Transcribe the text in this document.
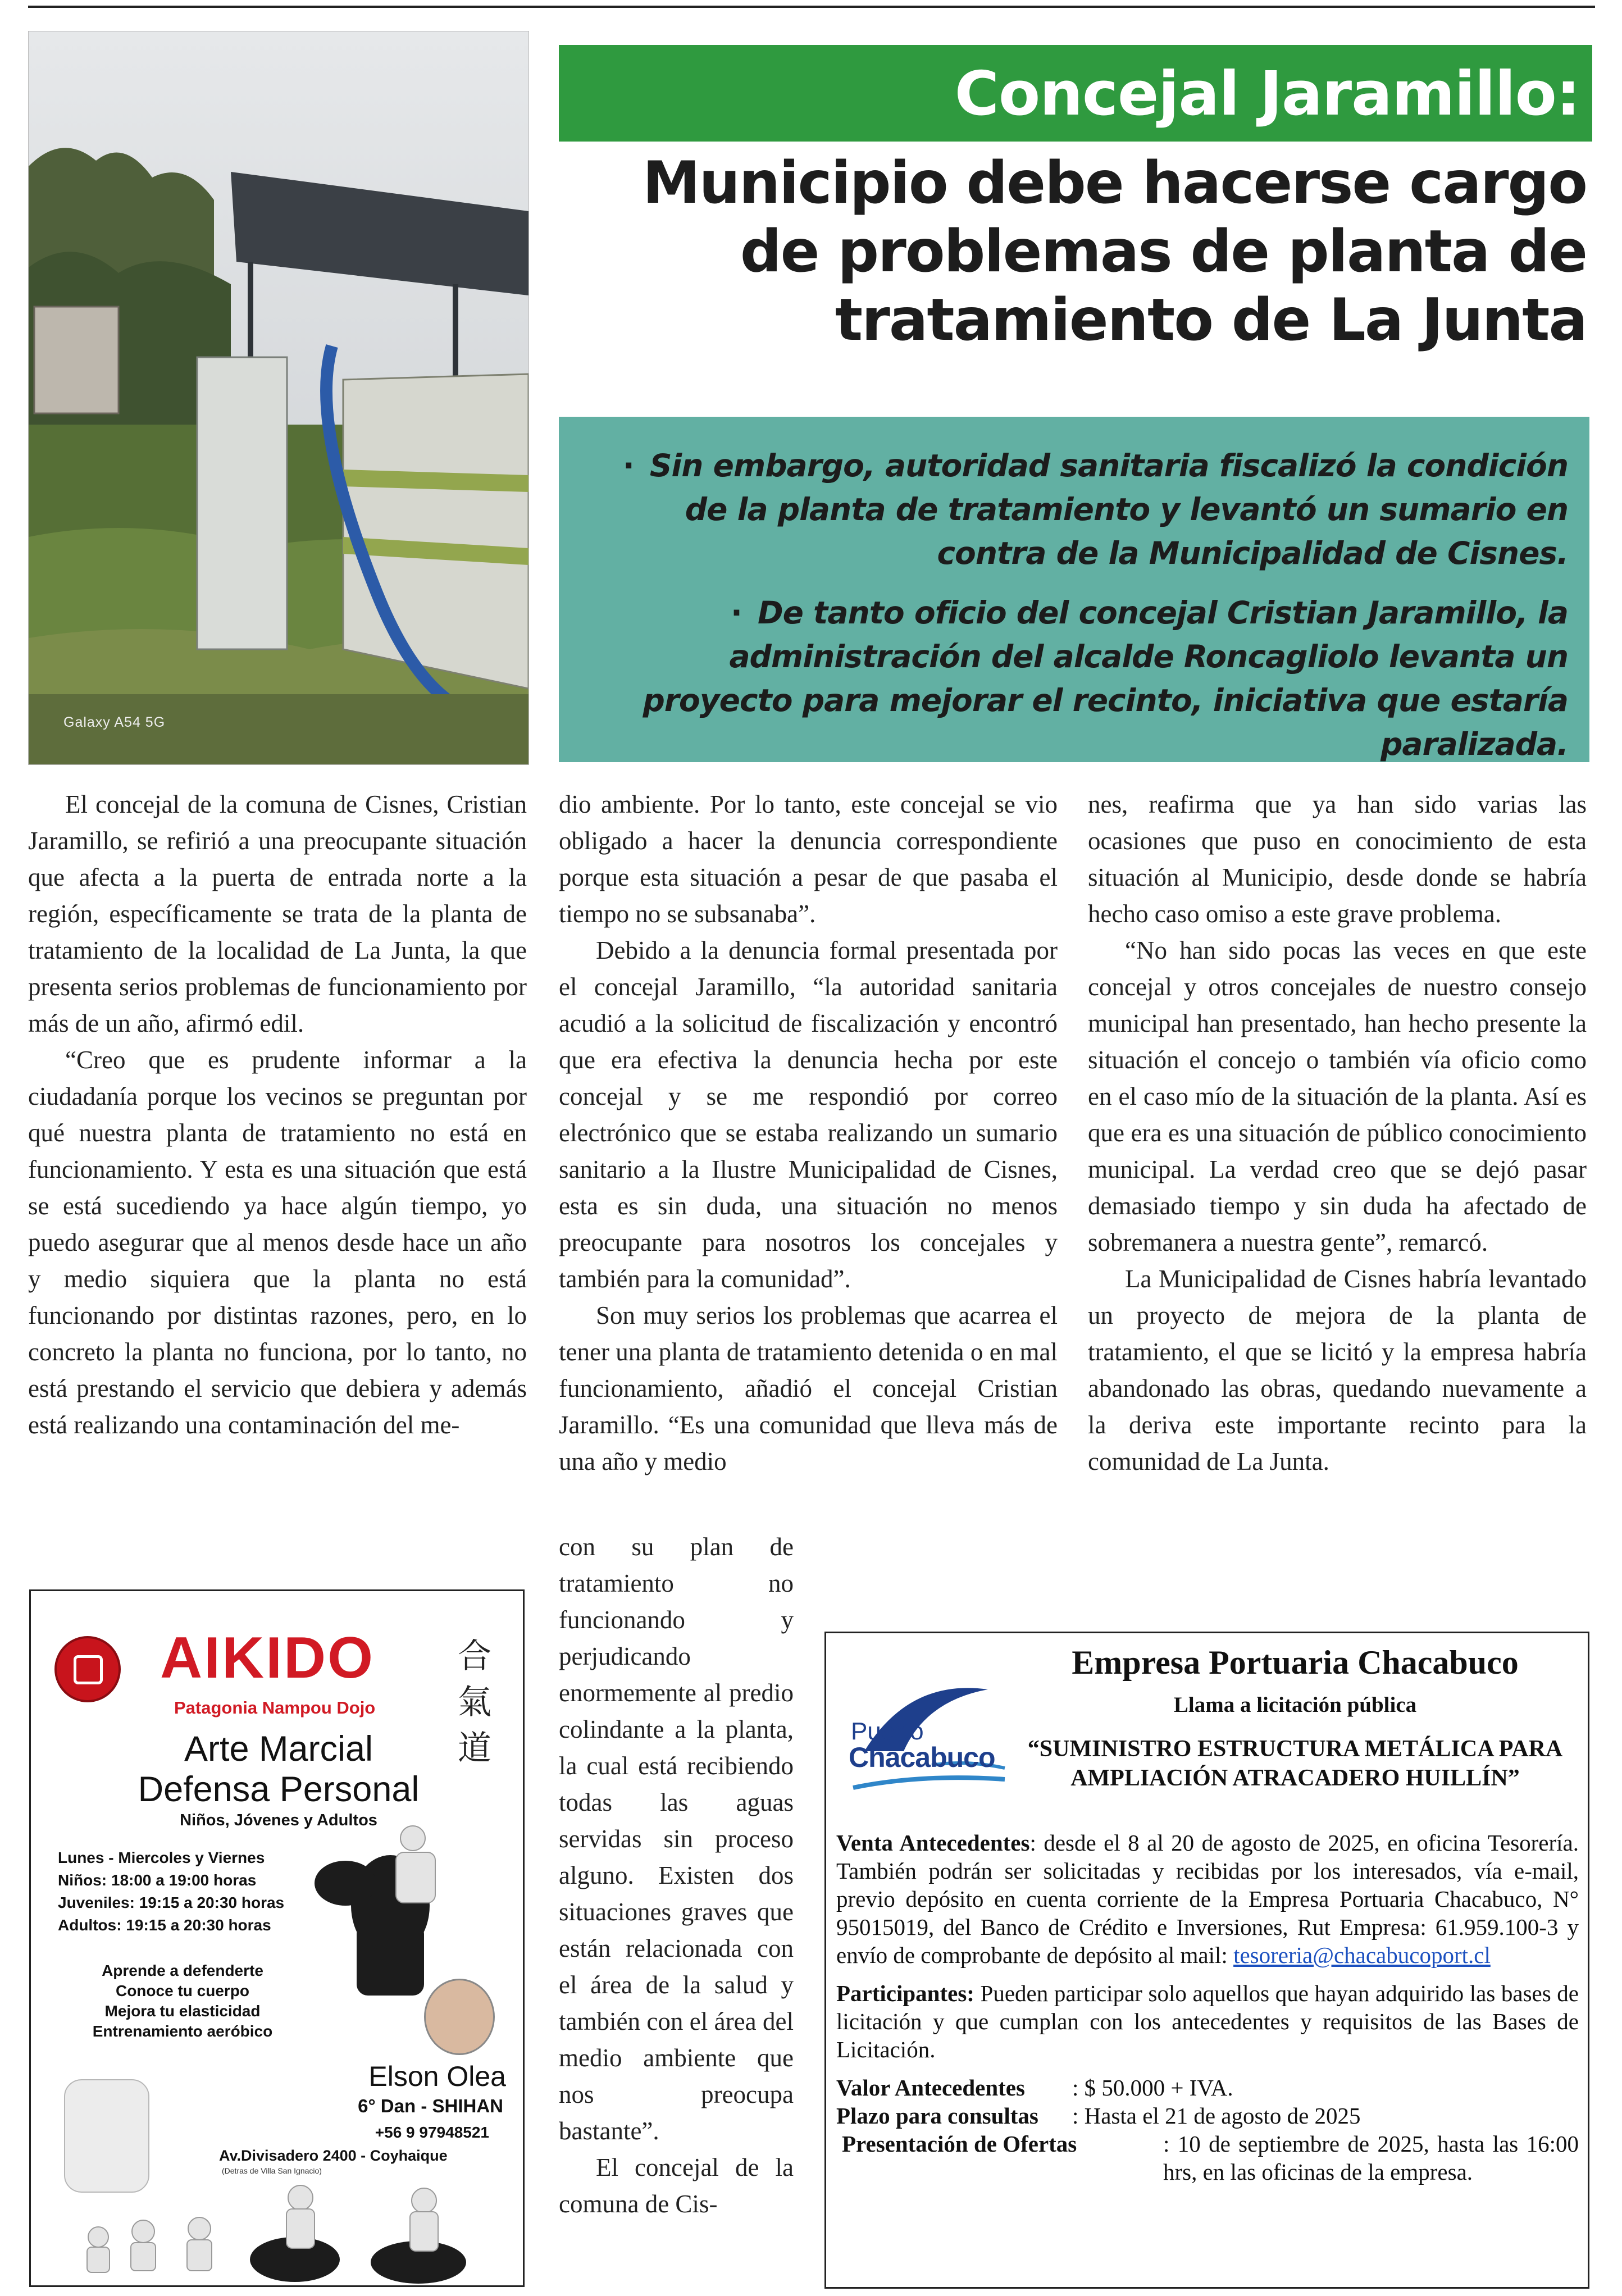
Galaxy A54 5G
Concejal Jaramillo:
Municipio debe hacerse cargo
de problemas de planta de
tratamiento de La Junta

· Sin embargo, autoridad sanitaria fiscalizó la condición de la planta de tratamiento y levantó un sumario en contra de la Municipalidad de Cisnes.

· De tanto oficio del concejal Cristian Jaramillo, la administración del alcalde Roncagliolo levanta un proyecto para mejorar el recinto, iniciativa que estaría paralizada.

El concejal de la comuna de Cisnes, Cristian Jaramillo, se refirió a una preocupante situación que afecta a la puerta de entrada norte a la región, específicamente se trata de la planta de tratamiento de la localidad de La Junta, la que presenta serios problemas de funcionamiento por más de un año, afirmó edil.

“Creo que es prudente informar a la ciudadanía porque los vecinos se preguntan por qué nuestra planta de tratamiento no está en funcionamiento. Y esta es una situación que está se está sucediendo ya hace algún tiempo, yo puedo asegurar que al menos desde hace un año y medio siquiera que la planta no está funcionando por distintas razones, pero, en lo concreto la planta no funciona, por lo tanto, no está prestando el servicio que debiera y además está realizando una contaminación del me-

dio ambiente. Por lo tanto, este concejal se vio obligado a hacer la denuncia correspondiente porque esta situación a pesar de que pasaba el tiempo no se subsanaba”.

Debido a la denuncia formal presentada por el concejal Jaramillo, “la autoridad sanitaria acudió a la solicitud de fiscalización y encontró que era efectiva la denuncia hecha por este concejal y se me respondió por correo electrónico que se estaba realizando un sumario sanitario a la Ilustre Municipalidad de Cisnes, esta es sin duda, una situación no menos preocupante para nosotros los concejales y también para la comunidad”.

Son muy serios los problemas que acarrea el tener una planta de tratamiento detenida o en mal funcionamiento, añadió el concejal Cristian Jaramillo. “Es una comunidad que lleva más de una año y medio

con su plan de tratamiento no funcionando y perjudicando enormemente al predio colindante a la planta, la cual está recibiendo todas las aguas servidas sin proceso alguno. Existen dos situaciones graves que están relacionada con el área de la salud y también con el área del medio ambiente que nos preocupa bastante”.

El concejal de la comuna de Cis-

nes, reafirma que ya han sido varias las ocasiones que puso en conocimiento de esta situación al Municipio, desde donde se habría hecho caso omiso a este grave problema.

“No han sido pocas las veces en que este concejal y otros concejales de nuestro consejo municipal han presentado, han hecho presente la situación el concejo o también vía oficio como en el caso mío de la situación de la planta. Así es que era es una situación de público conocimiento municipal. La verdad creo que se dejó pasar demasiado tiempo y sin duda ha afectado de sobremanera a nuestra gente”, remarcó.

La Municipalidad de Cisnes habría levantado un proyecto de mejora de la planta de tratamiento, el que se licitó y la empresa habría abandonado las obras, quedando nuevamente a la deriva este importante recinto para la comunidad de La Junta.

AIKIDO
Patagonia Nampou Dojo
合
氣
道
Arte Marcial
Defensa Personal
Niños, Jóvenes y Adultos
Lunes - Miercoles y Viernes
Niños: 18:00 a 19:00 horas
Juveniles: 19:15 a 20:30 horas
Adultos: 19:15 a 20:30 horas
Aprende a defenderte
Conoce tu cuerpo
Mejora tu elasticidad
Entrenamiento aeróbico
Elson Olea
6° Dan - SHIHAN
+56 9 97948521
Av.Divisadero 2400 - Coyhaique
(Detras de Villa San Ignacio)
Puerto
Chacabuco
Empresa Portuaria Chacabuco
Llama a licitación pública
“SUMINISTRO ESTRUCTURA METÁLICA PARA AMPLIACIÓN ATRACADERO HUILLÍN”

Venta Antecedentes: desde el 8 al 20 de agosto de 2025, en oficina Tesorería. También podrán ser solicitadas y recibidas por los interesados, vía e-mail, previo depósito en cuenta corriente de la Empresa Portuaria Chacabuco, N° 95015019, del Banco de Crédito e Inversiones, Rut Empresa: 61.959.100-3 y envío de comprobante de depósito al mail: tesoreria@chacabucoport.cl

Participantes: Pueden participar solo aquellos que hayan adquirido las bases de licitación y que cumplan con los antecedentes y requisitos de las Bases de Licitación.

Valor Antecedentes	: $ 50.000 + IVA.
Plazo para consultas	: Hasta el 21 de agosto de 2025
Presentación de Ofertas	: 10 de septiembre de 2025, hasta las 16:00 hrs, en las oficinas de la empresa.
